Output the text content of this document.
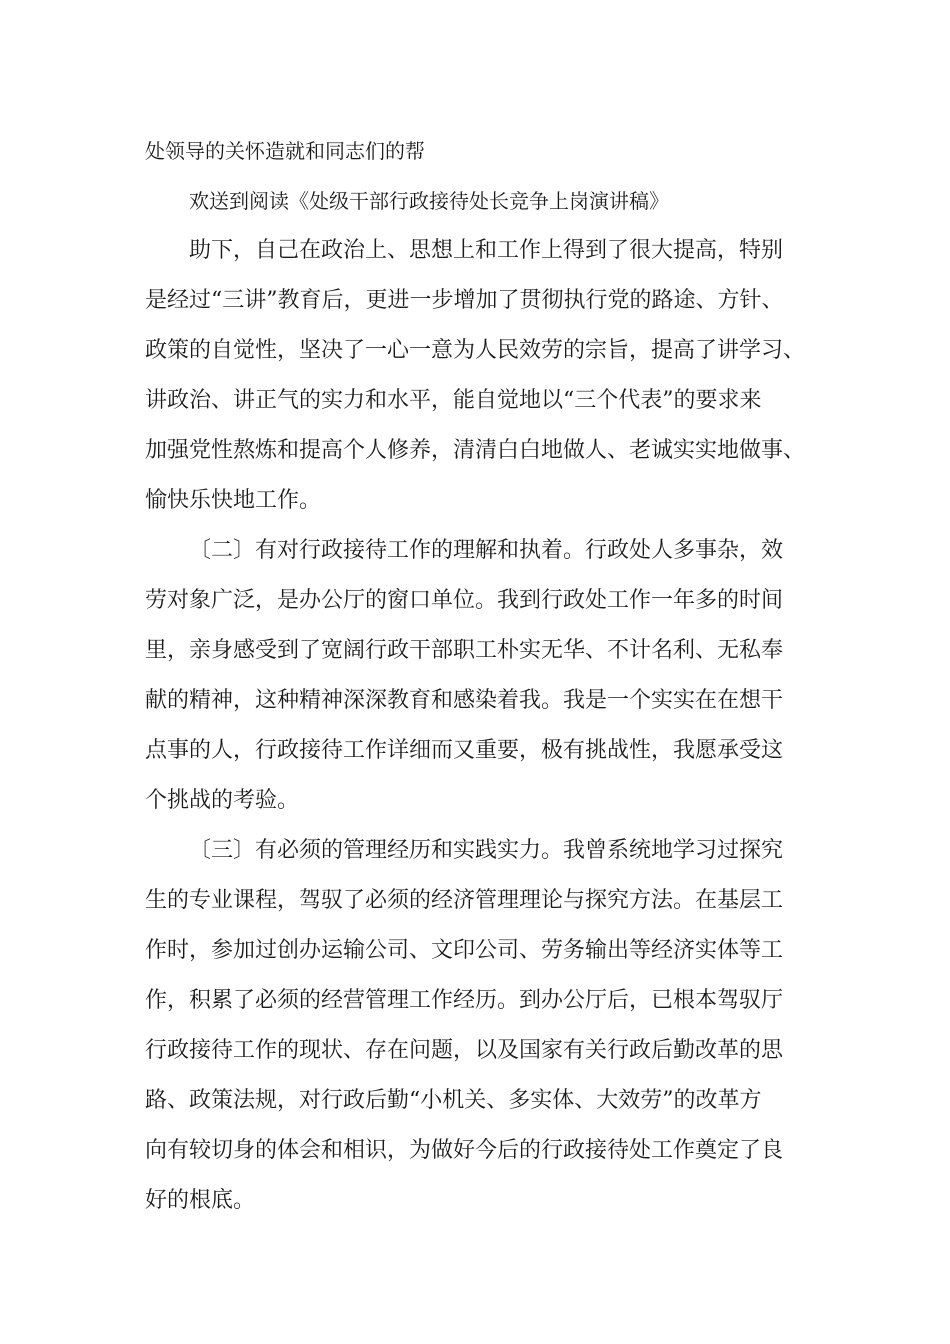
处领导的关怀造就和同志们的帮

欢送到阅读《处级干部行政接待处长竞争上岗演讲稿》

助下，自己在政治上、思想上和工作上得到了很大提高，特别

是经过“三讲”教育后，更进一步增加了贯彻执行党的路途、方针、

政策的自觉性，坚决了一心一意为人民效劳的宗旨，提高了讲学习、

讲政治、讲正气的实力和水平，能自觉地以“三个代表”的要求来

加强党性熬炼和提高个人修养，清清白白地做人、老诚实实地做事、

愉快乐快地工作。

〔二〕有对行政接待工作的理解和执着。行政处人多事杂，效

劳对象广泛，是办公厅的窗口单位。我到行政处工作一年多的时间

里，亲身感受到了宽阔行政干部职工朴实无华、不计名利、无私奉

献的精神，这种精神深深教育和感染着我。我是一个实实在在想干

点事的人，行政接待工作详细而又重要，极有挑战性，我愿承受这

个挑战的考验。

〔三〕有必须的管理经历和实践实力。我曾系统地学习过探究

生的专业课程，驾驭了必须的经济管理理论与探究方法。在基层工

作时，参加过创办运输公司、文印公司、劳务输出等经济实体等工

作，积累了必须的经营管理工作经历。到办公厅后，已根本驾驭厅

行政接待工作的现状、存在问题，以及国家有关行政后勤改革的思

路、政策法规，对行政后勤“小机关、多实体、大效劳”的改革方

向有较切身的体会和相识，为做好今后的行政接待处工作奠定了良

好的根底。
